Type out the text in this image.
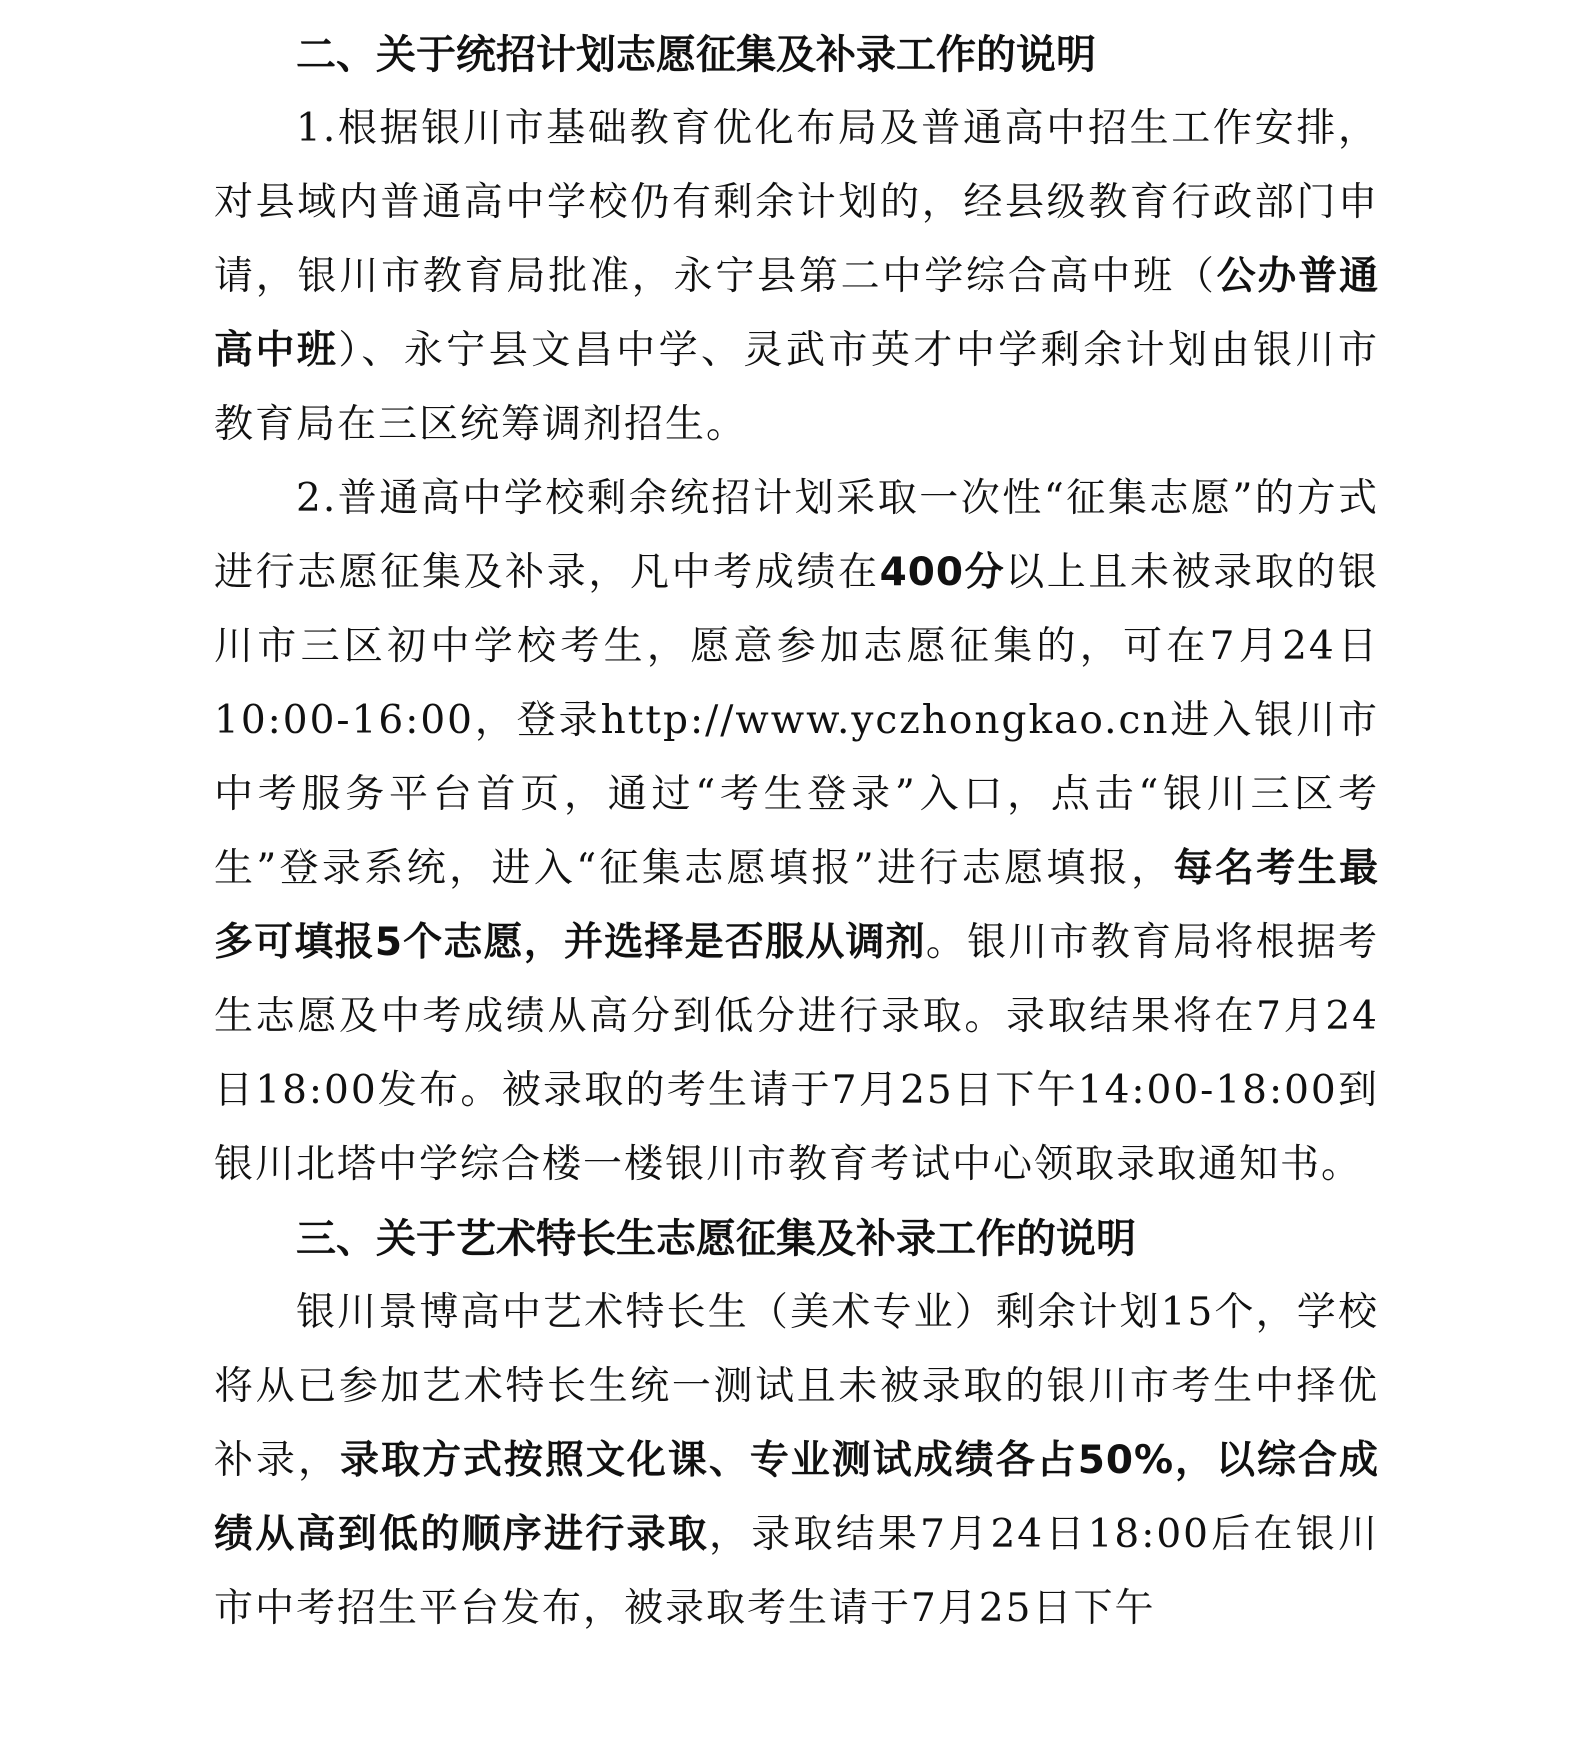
二、关于统招计划志愿征集及补录工作的说明

1.根据银川市基础教育优化布局及普通高中招生工作安排，对县域内普通高中学校仍有剩余计划的，经县级教育行政部门申请，银川市教育局批准，永宁县第二中学综合高中班（公办普通高中班）、永宁县文昌中学、灵武市英才中学剩余计划由银川市教育局在三区统筹调剂招生。

2.普通高中学校剩余统招计划采取一次性“征集志愿”的方式进行志愿征集及补录，凡中考成绩在400分以上且未被录取的银川市三区初中学校考生，愿意参加志愿征集的，可在7月24日10:00-16:00，登录http://www.yczhongkao.cn进入银川市中考服务平台首页，通过“考生登录”入口，点击“银川三区考生”登录系统，进入“征集志愿填报”进行志愿填报，每名考生最多可填报5个志愿，并选择是否服从调剂。银川市教育局将根据考生志愿及中考成绩从高分到低分进行录取。录取结果将在7月24日18:00发布。被录取的考生请于7月25日下午14:00-18:00到银川北塔中学综合楼一楼银川市教育考试中心领取录取通知书。

三、关于艺术特长生志愿征集及补录工作的说明

银川景博高中艺术特长生（美术专业）剩余计划15个，学校将从已参加艺术特长生统一测试且未被录取的银川市考生中择优补录，录取方式按照文化课、专业测试成绩各占50%，以综合成绩从高到低的顺序进行录取，录取结果7月24日18:00后在银川市中考招生平台发布，被录取考生请于7月25日下午
